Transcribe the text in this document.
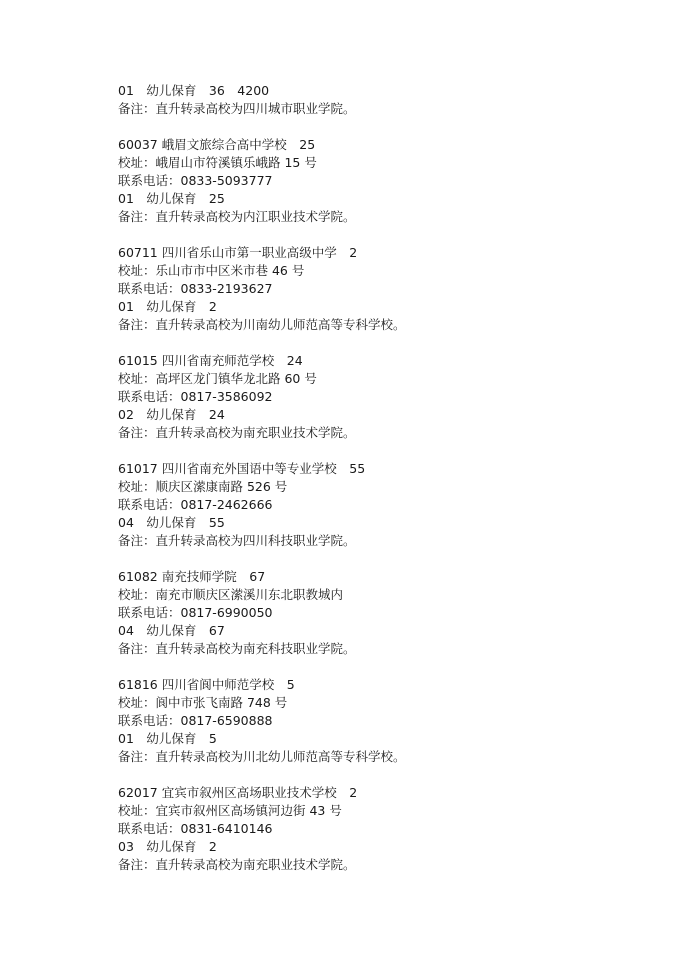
01　幼儿保育　36　4200
备注：直升转录高校为四川城市职业学院。
60037 峨眉文旅综合高中学校　25
校址：峨眉山市符溪镇乐峨路 15 号
联系电话：0833-5093777
01　幼儿保育　25
备注：直升转录高校为内江职业技术学院。
60711 四川省乐山市第一职业高级中学　2
校址：乐山市市中区米市巷 46 号
联系电话：0833-2193627
01　幼儿保育　2
备注：直升转录高校为川南幼儿师范高等专科学校。
61015 四川省南充师范学校　24
校址：高坪区龙门镇华龙北路 60 号
联系电话：0817-3586092
02　幼儿保育　24
备注：直升转录高校为南充职业技术学院。
61017 四川省南充外国语中等专业学校　55
校址：顺庆区潆康南路 526 号
联系电话：0817-2462666
04　幼儿保育　55
备注：直升转录高校为四川科技职业学院。
61082 南充技师学院　67
校址：南充市顺庆区潆溪川东北职教城内
联系电话：0817-6990050
04　幼儿保育　67
备注：直升转录高校为南充科技职业学院。
61816 四川省阆中师范学校　5
校址：阆中市张飞南路 748 号
联系电话：0817-6590888
01　幼儿保育　5
备注：直升转录高校为川北幼儿师范高等专科学校。
62017 宜宾市叙州区高场职业技术学校　2
校址：宜宾市叙州区高场镇河边街 43 号
联系电话：0831-6410146
03　幼儿保育　2
备注：直升转录高校为南充职业技术学院。
